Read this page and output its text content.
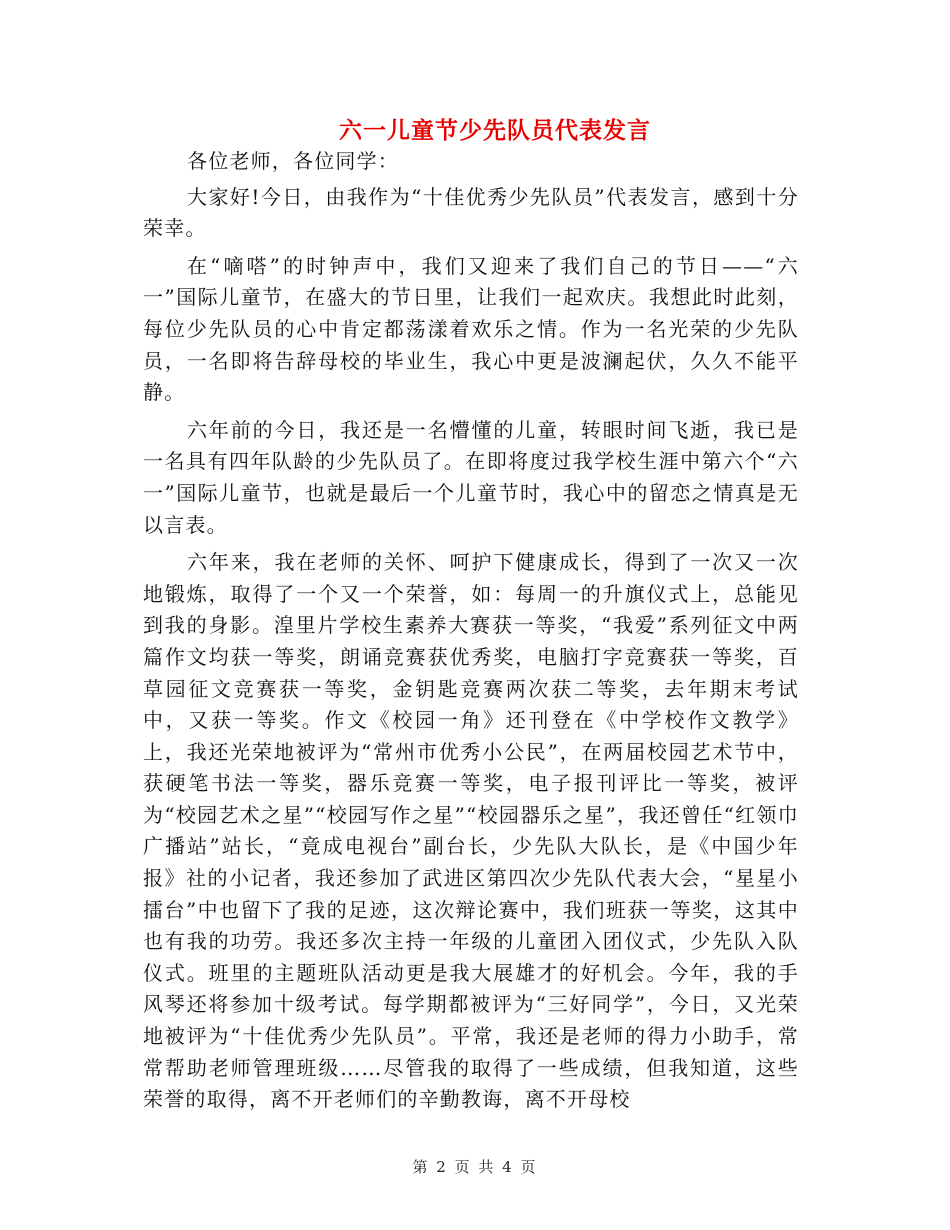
六一儿童节少先队员代表发言

各位老师，各位同学：

大家好!今日，由我作为“十佳优秀少先队员”代表发言，感到十分荣幸。

在“嘀嗒”的时钟声中，我们又迎来了我们自己的节日——“六一”国际儿童节，在盛大的节日里，让我们一起欢庆。我想此时此刻，每位少先队员的心中肯定都荡漾着欢乐之情。作为一名光荣的少先队员，一名即将告辞母校的毕业生，我心中更是波澜起伏，久久不能平静。

六年前的今日，我还是一名懵懂的儿童，转眼时间飞逝，我已是一名具有四年队龄的少先队员了。在即将度过我学校生涯中第六个“六一”国际儿童节，也就是最后一个儿童节时，我心中的留恋之情真是无以言表。

六年来，我在老师的关怀、呵护下健康成长，得到了一次又一次地锻炼，取得了一个又一个荣誉，如：每周一的升旗仪式上，总能见到我的身影。湟里片学校生素养大赛获一等奖，“我爱”系列征文中两篇作文均获一等奖，朗诵竞赛获优秀奖，电脑打字竞赛获一等奖，百草园征文竞赛获一等奖，金钥匙竞赛两次获二等奖，去年期末考试中，又获一等奖。作文《校园一角》还刊登在《中学校作文教学》上，我还光荣地被评为“常州市优秀小公民”，在两届校园艺术节中，获硬笔书法一等奖，器乐竞赛一等奖，电子报刊评比一等奖，被评为“校园艺术之星”“校园写作之星”“校园器乐之星”，我还曾任“红领巾广播站”站长，“竟成电视台”副台长，少先队大队长，是《中国少年报》社的小记者，我还参加了武进区第四次少先队代表大会，“星星小擂台”中也留下了我的足迹，这次辩论赛中，我们班获一等奖，这其中也有我的功劳。我还多次主持一年级的儿童团入团仪式，少先队入队仪式。班里的主题班队活动更是我大展雄才的好机会。今年，我的手风琴还将参加十级考试。每学期都被评为“三好同学”，今日，又光荣地被评为“十佳优秀少先队员”。平常，我还是老师的得力小助手，常常帮助老师管理班级……尽管我的取得了一些成绩，但我知道，这些荣誉的取得，离不开老师们的辛勤教诲，离不开母校

第 2 页 共 4 页
